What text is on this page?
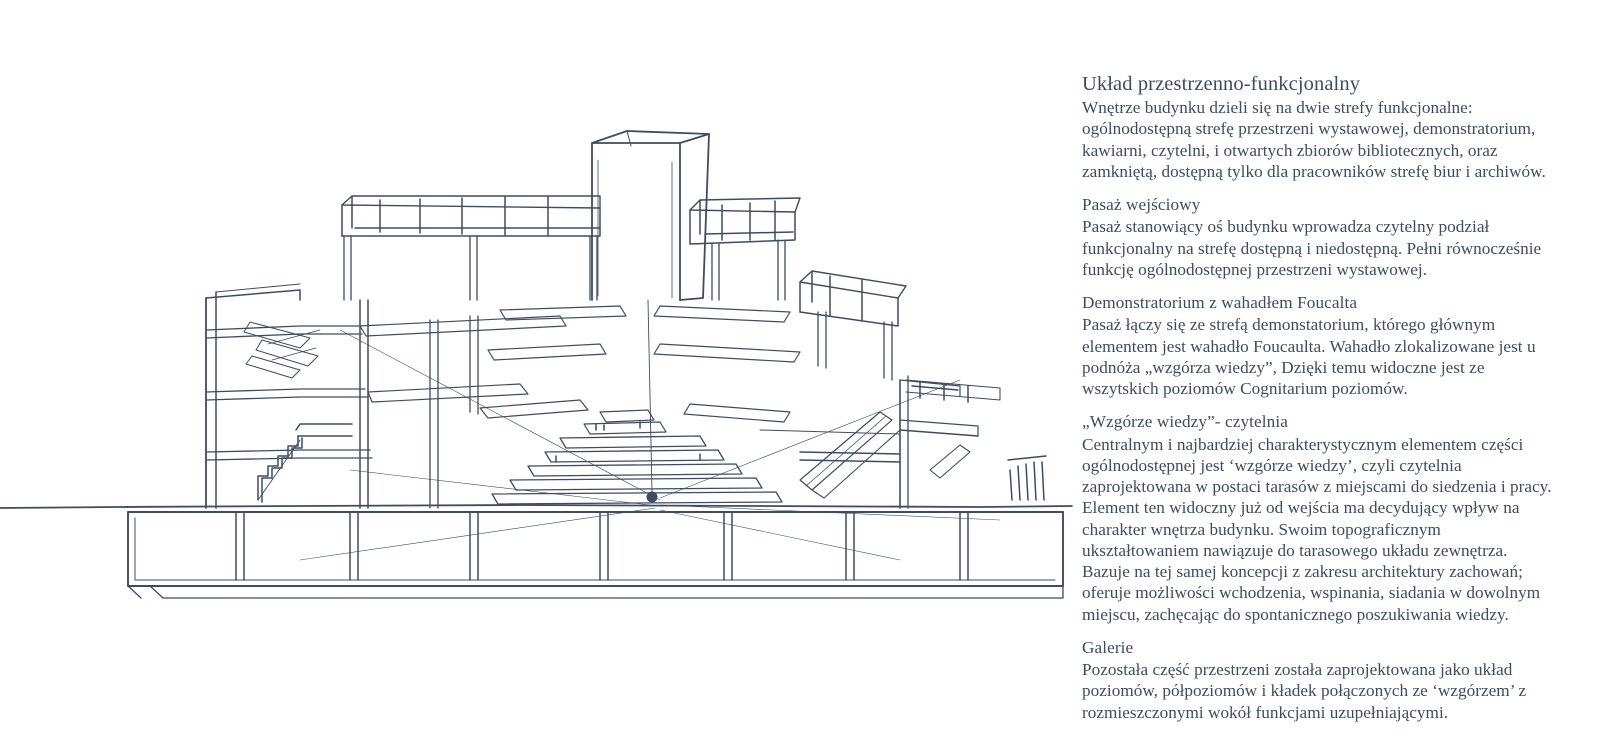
Układ przestrzenno-funkcjonalny

Wnętrze budynku dzieli się na dwie strefy funkcjonalne: ogólnodostępną strefę przestrzeni wystawowej, demonstratorium, kawiarni, czytelni, i otwartych zbiorów bibliotecznych, oraz zamkniętą, dostępną tylko dla pracowników strefę biur i archiwów.

Pasaż wejściowy

Pasaż stanowiący oś budynku wprowadza czytelny podział funkcjonalny na strefę dostępną i niedostępną. Pełni równocześnie funkcję ogólnodostępnej przestrzeni wystawowej.

Demonstratorium z wahadłem Foucalta

Pasaż łączy się ze strefą demonstatorium, którego głównym elementem jest wahadło Foucaulta. Wahadło zlokalizowane jest u podnóża „wzgórza wiedzy”, Dzięki temu widoczne jest ze wszytskich poziomów Cognitarium poziomów.

„Wzgórze wiedzy”- czytelnia

Centralnym i najbardziej charakterystycznym elementem części ogólnodostępnej jest ‘wzgórze wiedzy’, czyli czytelnia zaprojektowana w postaci tarasów z miejscami do siedzenia i pracy. Element ten widoczny już od wejścia ma decydujący wpływ na charakter wnętrza budynku. Swoim topograficznym ukształtowaniem nawiązuje do tarasowego układu zewnętrza. Bazuje na tej samej koncepcji z zakresu architektury zachowań; oferuje możliwości wchodzenia, wspinania, siadania w dowolnym miejscu, zachęcając do spontanicznego poszukiwania wiedzy.

Galerie

Pozostała część przestrzeni została zaprojektowana jako układ poziomów, półpoziomów i kładek połączonych ze ‘wzgórzem’ z rozmieszczonymi wokół funkcjami uzupełniającymi.
